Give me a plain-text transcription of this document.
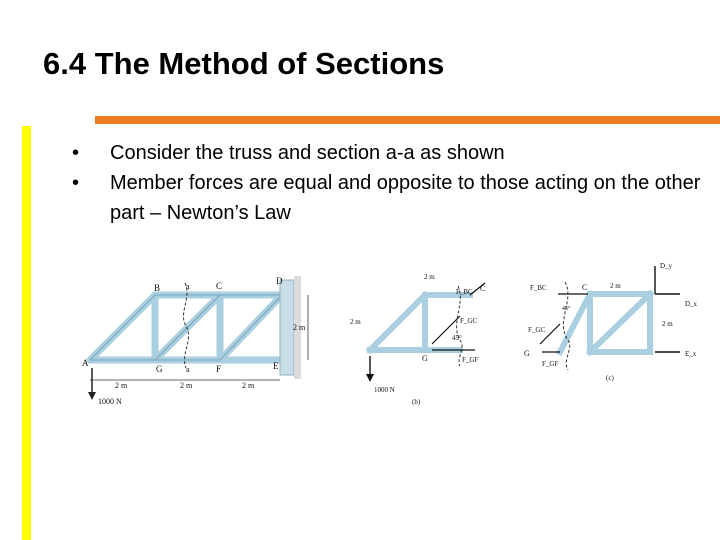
6.4 The Method of Sections
•	Consider the truss and section a-a as shown
•	Member forces are equal and opposite to those acting on the other part – Newton’s Law
A
B	C	D
E
F
G
a
a
2 m
2 m	2 m	2 m
1000 N
C
G
F_BC
F_GC
F_GF
2 m
2 m
45°
1000 N
(b)
D_y
D_x
E_x
F_BC
F_GC
F_GF
C
G
2 m
2 m
45°
(c)
